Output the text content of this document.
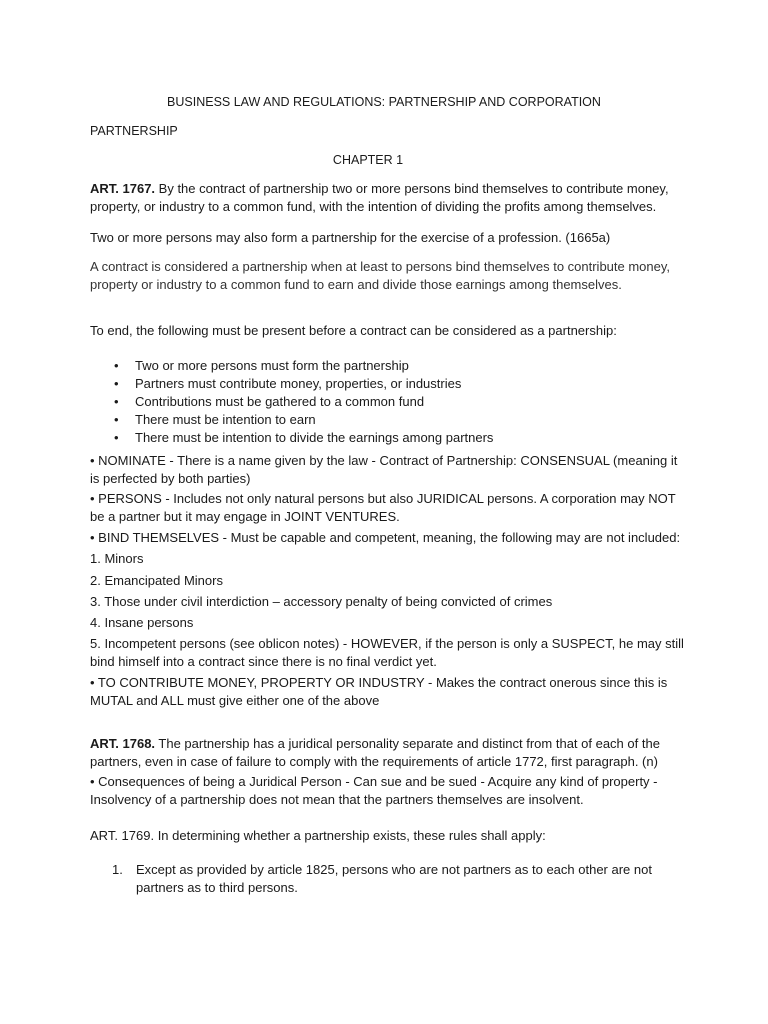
BUSINESS LAW AND REGULATIONS: PARTNERSHIP AND CORPORATION
PARTNERSHIP
CHAPTER 1
ART. 1767. By the contract of partnership two or more persons bind themselves to contribute money, property, or industry to a common fund, with the intention of dividing the profits among themselves.
Two or more persons may also form a partnership for the exercise of a profession. (1665a)
A contract is considered a partnership when at least to persons bind themselves to contribute money, property or industry to a common fund to earn and divide those earnings among themselves.
To end, the following must be present before a contract can be considered as a partnership:
• Two or more persons must form the partnership
• Partners must contribute money, properties, or industries
• Contributions must be gathered to a common fund
• There must be intention to earn
• There must be intention to divide the earnings among partners
• NOMINATE - There is a name given by the law - Contract of Partnership: CONSENSUAL (meaning it is perfected by both parties)
• PERSONS - Includes not only natural persons but also JURIDICAL persons. A corporation may NOT be a partner but it may engage in JOINT VENTURES.
• BIND THEMSELVES - Must be capable and competent, meaning, the following may are not included:
1. Minors
2. Emancipated Minors
3. Those under civil interdiction – accessory penalty of being convicted of crimes
4. Insane persons
5. Incompetent persons (see oblicon notes) - HOWEVER, if the person is only a SUSPECT, he may still bind himself into a contract since there is no final verdict yet.
• TO CONTRIBUTE MONEY, PROPERTY OR INDUSTRY - Makes the contract onerous since this is MUTAL and ALL must give either one of the above
ART. 1768. The partnership has a juridical personality separate and distinct from that of each of the partners, even in case of failure to comply with the requirements of article 1772, first paragraph. (n)
• Consequences of being a Juridical Person - Can sue and be sued - Acquire any kind of property - Insolvency of a partnership does not mean that the partners themselves are insolvent.
ART. 1769. In determining whether a partnership exists, these rules shall apply:
1. Except as provided by article 1825, persons who are not partners as to each other are not partners as to third persons.
